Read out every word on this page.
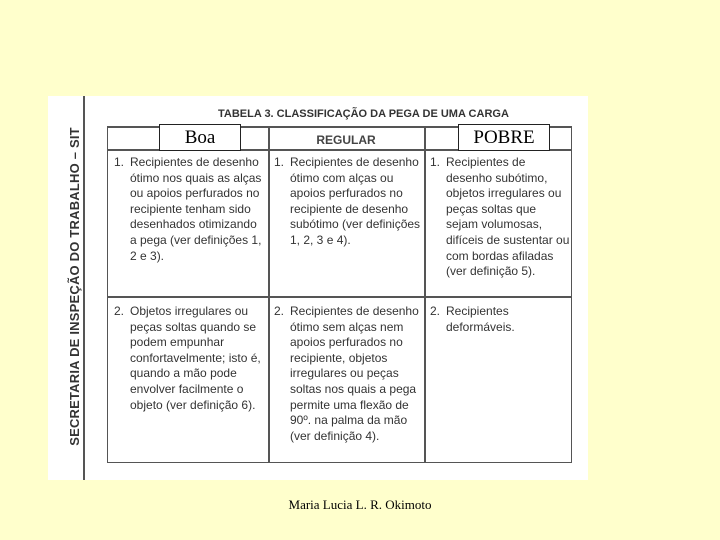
SECRETARIA DE INSPEÇÃO DO TRABALHO – SIT
TABELA 3. CLASSIFICAÇÃO DA PEGA DE UMA CARGA
Boa	REGULAR	POBRE
1. Recipientes de desenho ótimo nos quais as alças ou apoios perfurados no recipiente tenham sido desenhados otimizando a pega (ver definições 1, 2 e 3).
1. Recipientes de desenho ótimo com alças ou apoios perfurados no recipiente de desenho subótimo (ver definições 1, 2, 3 e 4).
1. Recipientes de desenho subótimo, objetos irregulares ou peças soltas que sejam volumosas, difíceis de sustentar ou com bordas afiladas (ver definição 5).
2. Objetos irregulares ou peças soltas quando se podem empunhar confortavelmente; isto é, quando a mão pode envolver facilmente o objeto (ver definição 6).
2. Recipientes de desenho ótimo sem alças nem apoios perfurados no recipiente, objetos irregulares ou peças soltas nos quais a pega permite uma flexão de 90º. na palma da mão (ver definição 4).
2. Recipientes deformáveis.
Maria Lucia L. R. Okimoto
